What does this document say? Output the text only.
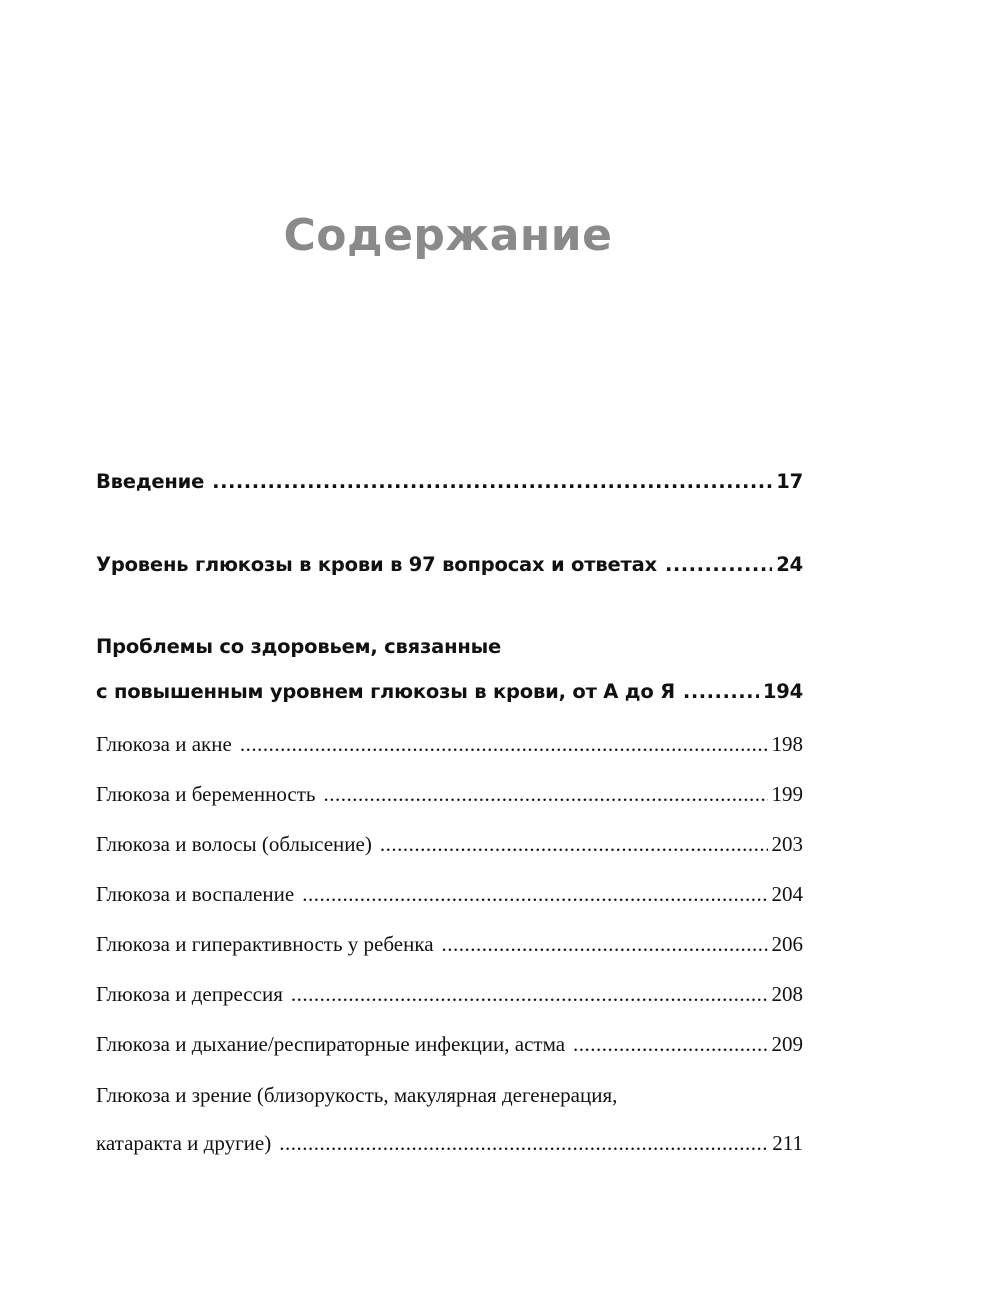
Содержание
Введение .....	17
Уровень глюкозы в крови в 97 вопросах и ответах .....	24
Проблемы со здоровьем, связанные
с повышенным уровнем глюкозы в крови, от А до Я .....	194
Глюкоза и акне .....	198
Глюкоза и беременность .....	199
Глюкоза и волосы (облысение) .....	203
Глюкоза и воспаление .....	204
Глюкоза и гиперактивность у ребенка .....	206
Глюкоза и депрессия .....	208
Глюкоза и дыхание/респираторные инфекции, астма .....	209
Глюкоза и зрение (близорукость, макулярная дегенерация,
катаракта и другие) .....	211
